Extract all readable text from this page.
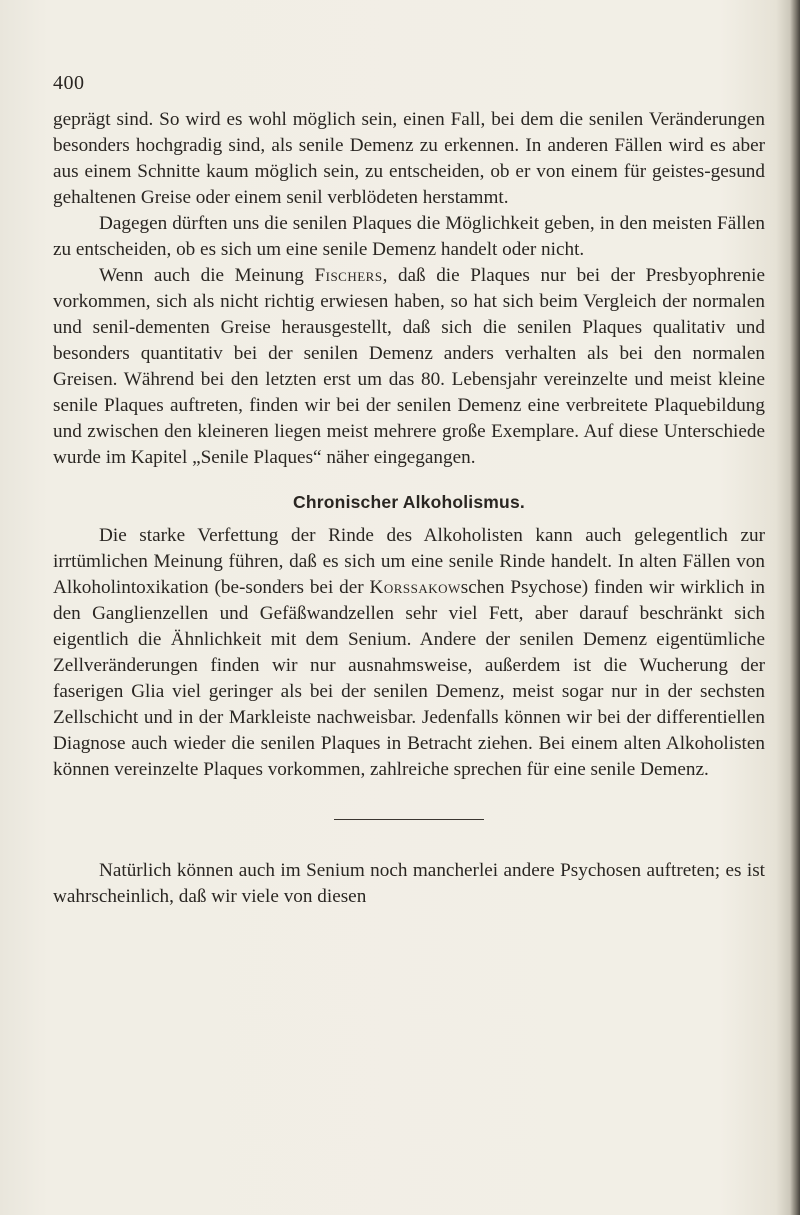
400

geprägt sind. So wird es wohl möglich sein, einen Fall, bei dem die senilen Veränderungen besonders hochgradig sind, als senile Demenz zu erkennen. In anderen Fällen wird es aber aus einem Schnitte kaum möglich sein, zu entscheiden, ob er von einem für geistes-gesund gehaltenen Greise oder einem senil verblödeten herstammt.

Dagegen dürften uns die senilen Plaques die Möglichkeit geben, in den meisten Fällen zu entscheiden, ob es sich um eine senile Demenz handelt oder nicht.

Wenn auch die Meinung Fischers, daß die Plaques nur bei der Presbyophrenie vorkommen, sich als nicht richtig erwiesen haben, so hat sich beim Vergleich der normalen und senil-dementen Greise herausgestellt, daß sich die senilen Plaques qualitativ und besonders quantitativ bei der senilen Demenz anders verhalten als bei den normalen Greisen. Während bei den letzten erst um das 80. Lebensjahr vereinzelte und meist kleine senile Plaques auftreten, finden wir bei der senilen Demenz eine verbreitete Plaquebildung und zwischen den kleineren liegen meist mehrere große Exemplare. Auf diese Unterschiede wurde im Kapitel „Senile Plaques“ näher eingegangen.

Chronischer Alkoholismus.

Die starke Verfettung der Rinde des Alkoholisten kann auch gelegentlich zur irrtümlichen Meinung führen, daß es sich um eine senile Rinde handelt. In alten Fällen von Alkoholintoxikation (be-sonders bei der Korssakowschen Psychose) finden wir wirklich in den Ganglienzellen und Gefäßwandzellen sehr viel Fett, aber darauf beschränkt sich eigentlich die Ähnlichkeit mit dem Senium. Andere der senilen Demenz eigentümliche Zellveränderungen finden wir nur ausnahmsweise, außerdem ist die Wucherung der faserigen Glia viel geringer als bei der senilen Demenz, meist sogar nur in der sechsten Zellschicht und in der Markleiste nachweisbar. Jedenfalls können wir bei der differentiellen Diagnose auch wieder die senilen Plaques in Betracht ziehen. Bei einem alten Alkoholisten können vereinzelte Plaques vorkommen, zahlreiche sprechen für eine senile Demenz.

Natürlich können auch im Senium noch mancherlei andere Psychosen auftreten; es ist wahrscheinlich, daß wir viele von diesen
